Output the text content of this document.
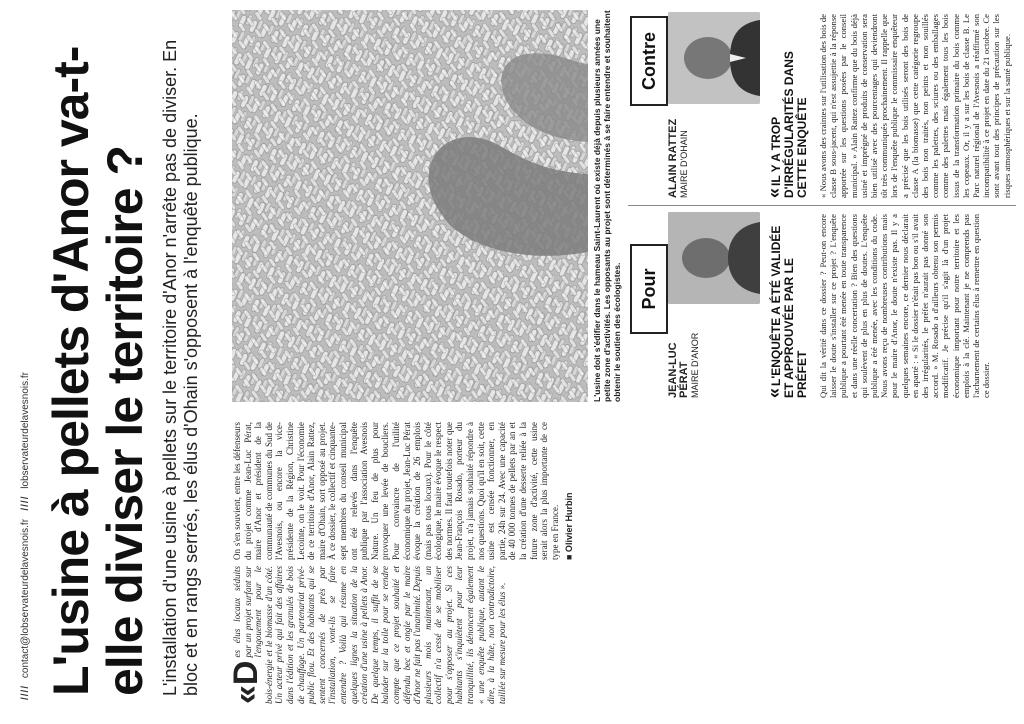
//// contact@lobservateurdelavesnois.fr   //// lobservateurdelavesnois.fr L'usine à pellets d'Anor va-t-elle diviser le territoire ? L'installation d'une usine à pellets sur le territoire d'Anor n'arrête pas de diviser. En bloc et en rangs serrés, les élus d'Ohain s'opposent à l'enquête publique. «D
es élus locaux séduits par un projet surfant sur l'engouement pour le bois-énergie et le biomasse d'un côté. Un acteur privé qui fait des affaires dans l'édition et les granulés de bois de chauffage. Un partenariat privé-public flou. Et des habitants qui se sentent concernés de près par l'installation, vont-ils se faire entendre ? Voilà qui résume en quelques lignes la situation de la création d'une usine à pellets à Anor. De quelque temps, il suffit de se balader sur la toile pour se rendre compte que ce projet souhaité et défendu bec et ongle par le maire d'Anor ne fait pas l'unanimité. Depuis plusieurs mois maintenant, un collectif n'a cessé de se mobiliser pour s'opposer au projet. Si ces habitants s'inquiètent pour leur tranquillité, ils dénoncent également « une enquête publique, autant le dire, à la hâte, non contradictoire, taillée sur mesure pour les élus ».
On s'en souvient, entre les défenseurs du projet comme Jean-Luc Pérat, maire d'Anor et président de la communauté de communes du Sud de l'Avesnois, ou encore la vice-présidente de la Région, Christine Lecointe, on le voit. Pour l'économie de ce territoire d'Anor, Alain Rattez, maire d'Ohain, sort opposé au projet. À ce dossier, le collectif et cinquante-sept membres du conseil municipal ont été relevés dans l'enquête publique par l'association Avesnois Nature. Un feu de plus pour provoquer une levée de boucliers. Pour convaincre de l'utilité économique du projet, Jean-Luc Pérat évoque la création de 26 emplois (mais pas tous locaux). Pour le côté écologique, le maire évoque le respect des normes. Il faut toutefois noter que Jean-François Rosado, porteur du projet, n'a jamais souhaité répondre à nos questions. Quoi qu'il en soit, cette usine est censée fonctionner, en partie, 24h sur 24. Avec une capacité de 40 000 tonnes de pellets par an et la création d'une desserte reliée à la future zone d'activité, cette usine serait alors la plus importante de ce type en France. ■ Olivier Hurbin
L'usine doit s'édifier dans le hameau Saint-Laurent où existe déjà depuis plusieurs années une petite zone d'activités. Les opposants au projet sont déterminés à se faire entendre et souhaitent obtenir le soutien des écologistes. Pour
JEAN-LUC PÉRAT MAIRE D'ANOR	«L'ENQUÊTE A ÉTÉ VALIDÉE ET APPROUVÉE PAR LE PRÉFET Qui dit la vérité dans ce dossier ? Peut-on encore laisser le doute s'installer sur ce projet ? L'enquête publique a pourtant été menée en toute transparence et dans une réelle concertation ? Bien des questions qui soulèvent de plus en plus de doutes. L'enquête publique a été menée, avec les conditions du code. Nous avons reçu de nombreuses contributions mais pour le maire d'Anor, le doute n'existe pas. Il y a quelques semaines encore, ce dernier nous déclarait en aparté : « Si le dossier n'était pas bon ou s'il avait des irrégularités, le préfet n'aurait pas donné son accord. » M. Rosado a d'ailleurs obtenu son permis modificatif. Je précise qu'il s'agit là d'un projet économique important pour notre territoire et les emplois à la clé. Maintenant je ne comprends pas l'acharnement de certains élus à remettre en question ce dossier.
Contre
ALAIN RATTEZ MAIRE D'OHAIN	«IL Y A TROP D'IRRÉGULARITÉS DANS CETTE ENQUÊTE « Nous avons des craintes sur l'utilisation des bois de classe B sous-jacent, qui n'est assujettie à la réponse apportée sur les questions posées par le conseil municipal. » Alain Rattez confirme que du bois déjà usiné et imprégné de produits de conservation sera bien utilisé avec des pourcentages qui deviendront tôt très communiqués prochainement. Il rappelle que lors de l'enquête publique le commissaire enquêteur a précisé que les bois utilisés seront des bois de classe A (la biomasse) que cette catégorie regroupe des bois non traités, non peints et non souillés comme les palettes, des sciures ou des emballages comme des palettes mais également tous les bois issus de la transformation primaire du bois comme les copeaux. Or, il y a sur les bois de classe B. Le Parc naturel régional de l'Avesnois a réaffirmé son incompatibilité à ce projet en date du 21 octobre. Ce sont avant tout des principes de précaution sur les risques atmosphériques et sur la santé publique.
